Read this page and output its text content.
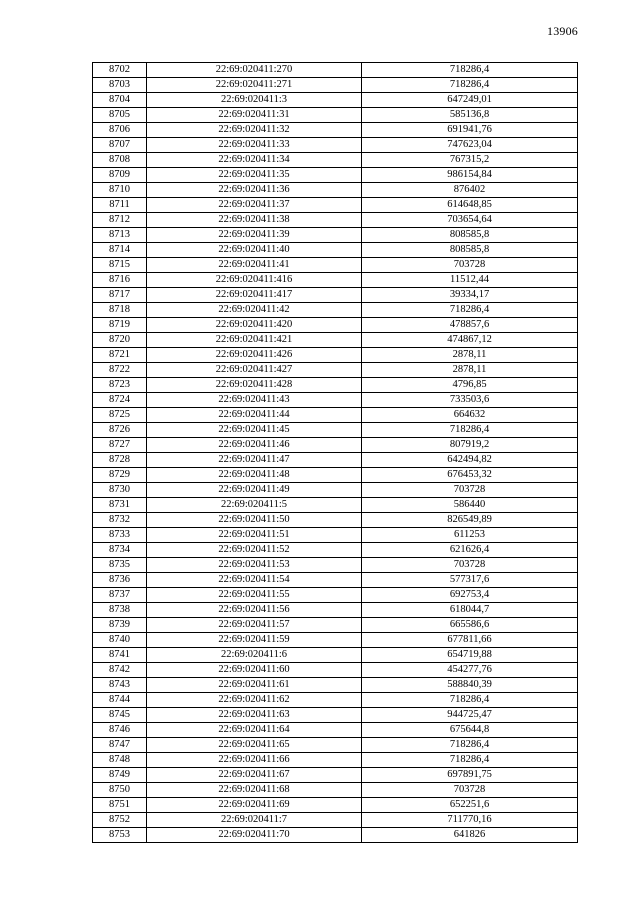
13906
8702	22:69:020411:270	718286,4
8703	22:69:020411:271	718286,4
8704	22:69:020411:3	647249,01
8705	22:69:020411:31	585136,8
8706	22:69:020411:32	691941,76
8707	22:69:020411:33	747623,04
8708	22:69:020411:34	767315,2
8709	22:69:020411:35	986154,84
8710	22:69:020411:36	876402
8711	22:69:020411:37	614648,85
8712	22:69:020411:38	703654,64
8713	22:69:020411:39	808585,8
8714	22:69:020411:40	808585,8
8715	22:69:020411:41	703728
8716	22:69:020411:416	11512,44
8717	22:69:020411:417	39334,17
8718	22:69:020411:42	718286,4
8719	22:69:020411:420	478857,6
8720	22:69:020411:421	474867,12
8721	22:69:020411:426	2878,11
8722	22:69:020411:427	2878,11
8723	22:69:020411:428	4796,85
8724	22:69:020411:43	733503,6
8725	22:69:020411:44	664632
8726	22:69:020411:45	718286,4
8727	22:69:020411:46	807919,2
8728	22:69:020411:47	642494,82
8729	22:69:020411:48	676453,32
8730	22:69:020411:49	703728
8731	22:69:020411:5	586440
8732	22:69:020411:50	826549,89
8733	22:69:020411:51	611253
8734	22:69:020411:52	621626,4
8735	22:69:020411:53	703728
8736	22:69:020411:54	577317,6
8737	22:69:020411:55	692753,4
8738	22:69:020411:56	618044,7
8739	22:69:020411:57	665586,6
8740	22:69:020411:59	677811,66
8741	22:69:020411:6	654719,88
8742	22:69:020411:60	454277,76
8743	22:69:020411:61	588840,39
8744	22:69:020411:62	718286,4
8745	22:69:020411:63	944725,47
8746	22:69:020411:64	675644,8
8747	22:69:020411:65	718286,4
8748	22:69:020411:66	718286,4
8749	22:69:020411:67	697891,75
8750	22:69:020411:68	703728
8751	22:69:020411:69	652251,6
8752	22:69:020411:7	711770,16
8753	22:69:020411:70	641826
